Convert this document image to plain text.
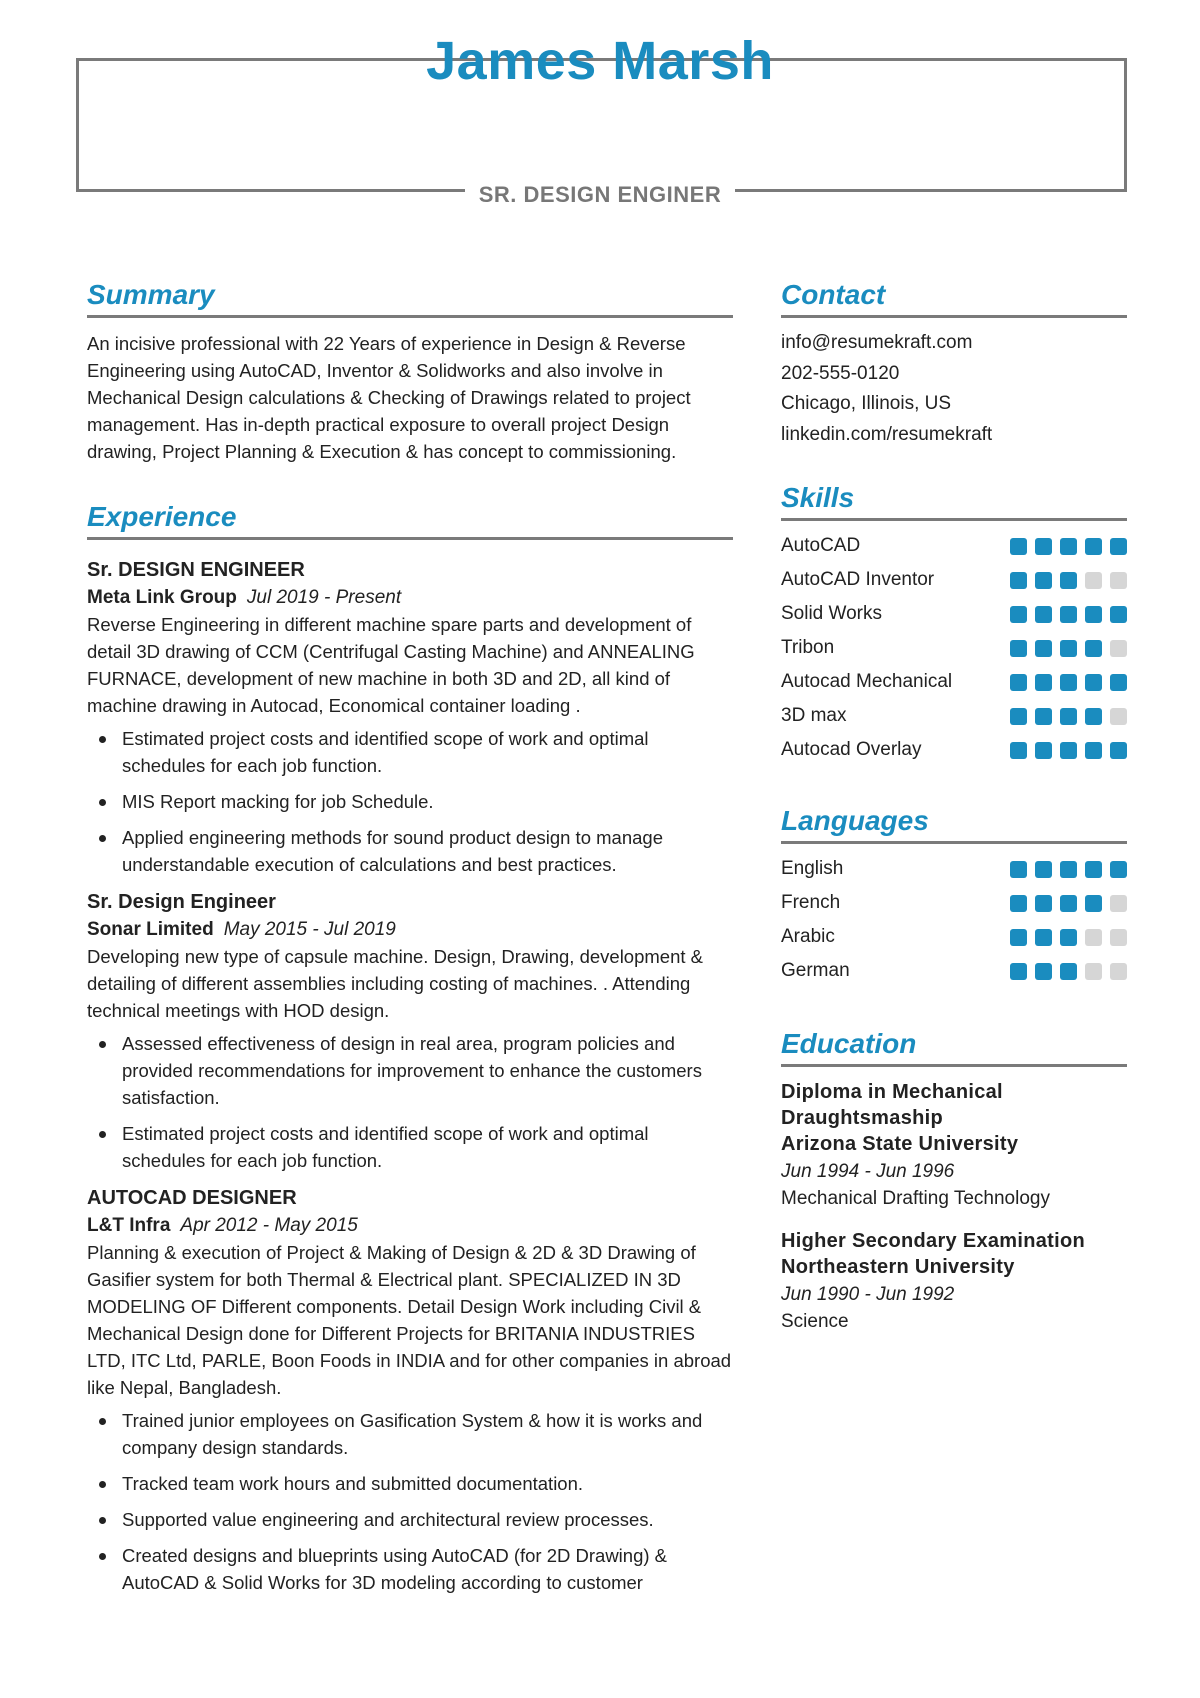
James Marsh
SR. DESIGN ENGINER
Summary
An incisive professional with 22 Years of experience in Design & Reverse Engineering using AutoCAD, Inventor & Solidworks and also involve in Mechanical Design calculations & Checking of Drawings related to project management. Has in-depth practical exposure to overall project Design drawing, Project Planning & Execution & has concept to commissioning.
Experience
Sr. DESIGN ENGINEER
Meta Link Group Jul 2019 - Present
Reverse Engineering in different machine spare parts and development of detail 3D drawing of CCM (Centrifugal Casting Machine) and ANNEALING FURNACE, development of new machine in both 3D and 2D, all kind of machine drawing in Autocad, Economical container loading .
Estimated project costs and identified scope of work and optimal schedules for each job function.
MIS Report macking for job Schedule.
Applied engineering methods for sound product design to manage understandable execution of calculations and best practices.
Sr. Design Engineer
Sonar Limited May 2015 - Jul 2019
Developing new type of capsule machine. Design, Drawing, development & detailing of different assemblies including costing of machines. . Attending technical meetings with HOD design.
Assessed effectiveness of design in real area, program policies and provided recommendations for improvement to enhance the customers satisfaction.
Estimated project costs and identified scope of work and optimal schedules for each job function.
AUTOCAD DESIGNER
L&T Infra Apr 2012 - May 2015
Planning & execution of Project & Making of Design & 2D & 3D Drawing of Gasifier system for both Thermal & Electrical plant. SPECIALIZED IN 3D MODELING OF Different components. Detail Design Work including Civil & Mechanical Design done for Different Projects for BRITANIA INDUSTRIES LTD, ITC Ltd, PARLE, Boon Foods in INDIA and for other companies in abroad like Nepal, Bangladesh.
Trained junior employees on Gasification System & how it is works and company design standards.
Tracked team work hours and submitted documentation.
Supported value engineering and architectural review processes.
Created designs and blueprints using AutoCAD (for 2D Drawing) & AutoCAD & Solid Works for 3D modeling according to customer
Contact
info@resumekraft.com
202-555-0120
Chicago, Illinois, US
linkedin.com/resumekraft
Skills
AutoCAD
AutoCAD Inventor
Solid Works
Tribon
Autocad Mechanical
3D max
Autocad Overlay
Languages
English
French
Arabic
German
Education
Diploma in Mechanical Draughtsmaship
Arizona State University
Jun 1994 - Jun 1996
Mechanical Drafting Technology
Higher Secondary Examination
Northeastern University
Jun 1990 - Jun 1992
Science
